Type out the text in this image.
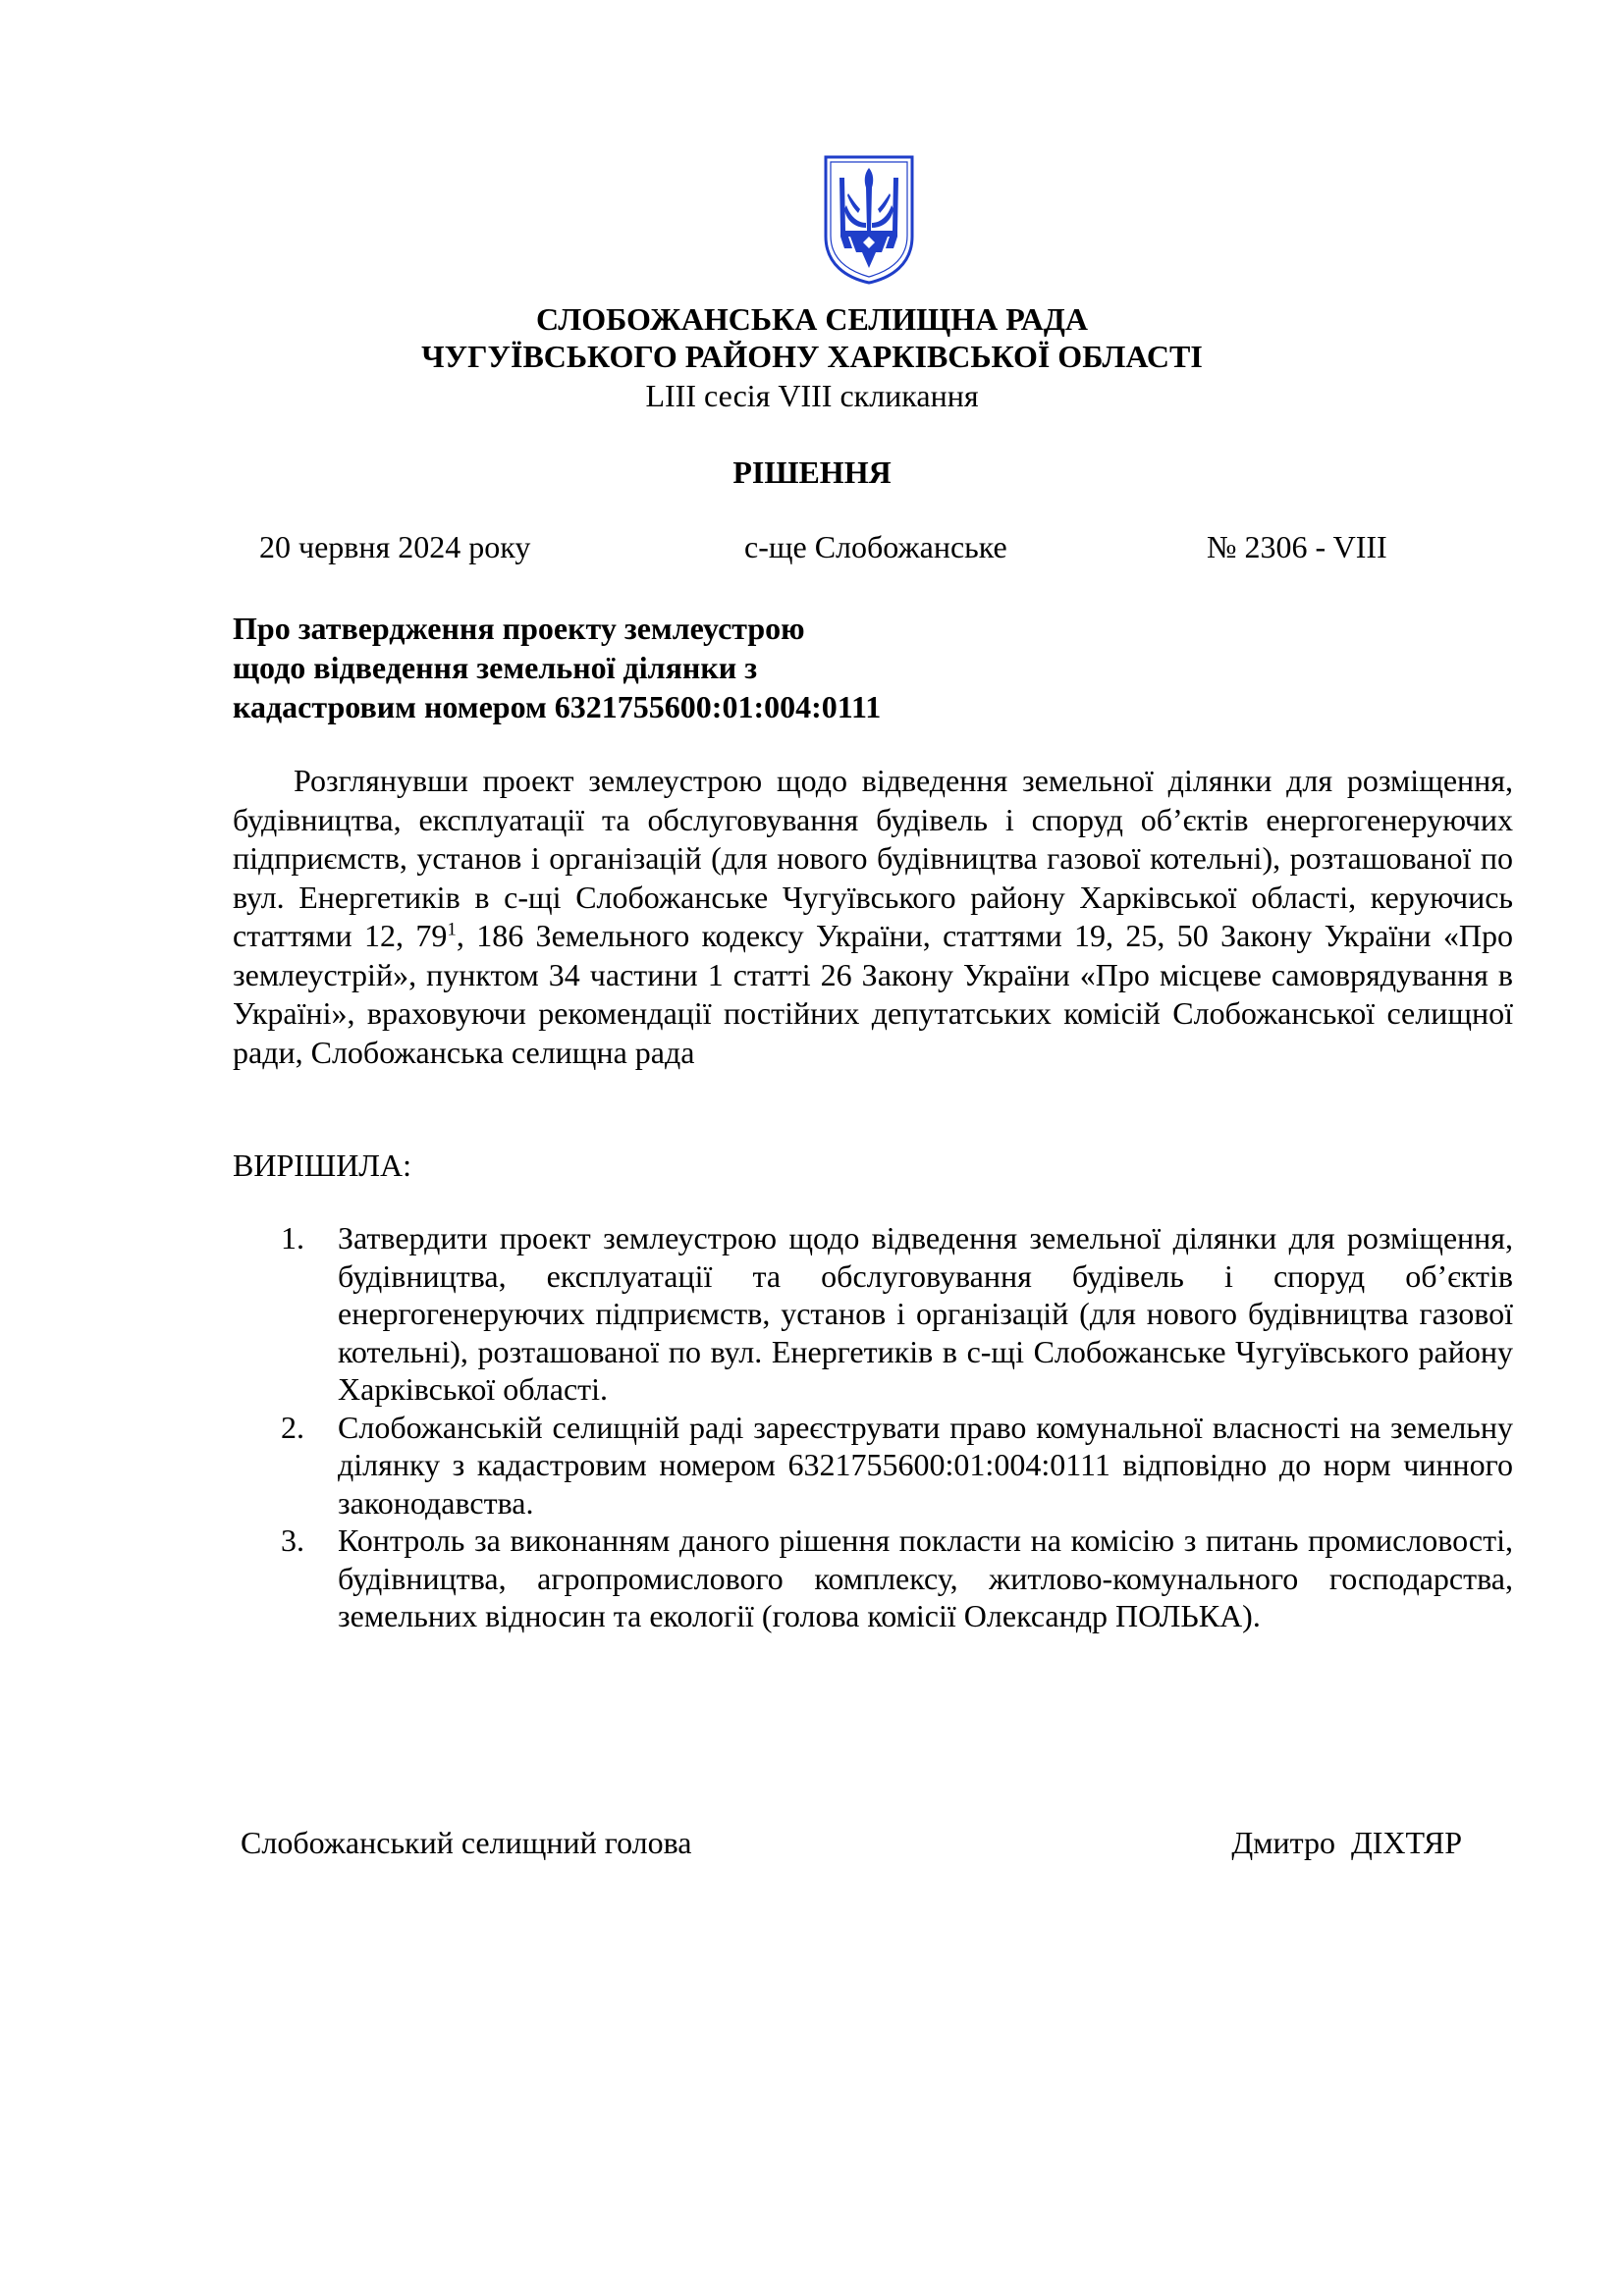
СЛОБОЖАНСЬКА СЕЛИЩНА РАДА
ЧУГУЇВСЬКОГО РАЙОНУ ХАРКІВСЬКОЇ ОБЛАСТІ
LIII сесія VIII скликання
РІШЕННЯ
20 червня 2024 року	с-ще Слобожанське	№ 2306 - VIII
Про затвердження проекту землеустрою
щодо відведення земельної ділянки з
кадастровим номером 6321755600:01:004:0111
Розглянувши проект землеустрою щодо відведення земельної ділянки для розміщення, будівництва, експлуатації та обслуговування будівель і споруд об’єктів енергогенеруючих підприємств, установ і організацій (для нового будівництва газової котельні), розташованої по вул. Енергетиків в с-щі Слобожанське Чугуївського району Харківської області, керуючись статтями 12, $79^1$, 186 Земельного кодексу України, статтями 19, 25, 50 Закону України «Про землеустрій», пунктом 34 частини 1 статті 26 Закону України «Про місцеве самоврядування в Україні», враховуючи рекомендації постійних депутатських комісій Слобожанської селищної ради, Слобожанська селищна рада
ВИРІШИЛА:
1. Затвердити проект землеустрою щодо відведення земельної ділянки для розміщення, будівництва, експлуатації та обслуговування будівель і споруд об’єктів енергогенеруючих підприємств, установ і організацій (для нового будівництва газової котельні), розташованої по вул. Енергетиків в с-щі Слобожанське Чугуївського району Харківської області.
2. Слобожанській селищній раді зареєструвати право комунальної власності на земельну ділянку з кадастровим номером 6321755600:01:004:0111 відповідно до норм чинного законодавства.
3. Контроль за виконанням даного рішення покласти на комісію з питань промисловості, будівництва, агропромислового комплексу, житлово-комунального господарства, земельних відносин та екології (голова комісії Олександр ПОЛЬКА).
Слобожанський селищний голова	Дмитро  ДІХТЯР
